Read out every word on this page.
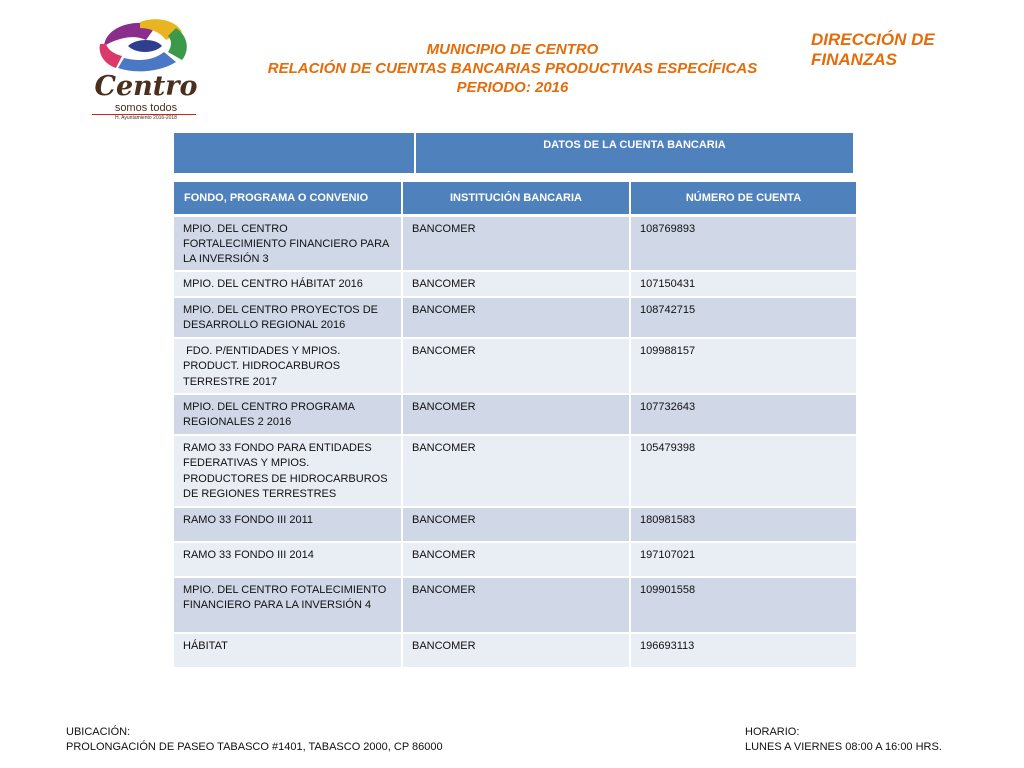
Centro
somos todos
H. Ayuntamiento 2016-2018
MUNICIPIO DE CENTRO
RELACIÓN DE CUENTAS BANCARIAS PRODUCTIVAS ESPECÍFICAS
PERIODO: 2016
DIRECCIÓN DE
FINANZAS
DATOS DE LA CUENTA BANCARIA
FONDO, PROGRAMA O CONVENIO	INSTITUCIÓN BANCARIA	NÚMERO DE CUENTA
MPIO. DEL CENTRO FORTALECIMIENTO FINANCIERO PARA LA INVERSIÓN 3	BANCOMER	108769893
MPIO. DEL CENTRO HÁBITAT 2016	BANCOMER	107150431
MPIO. DEL CENTRO PROYECTOS DE DESARROLLO REGIONAL 2016	BANCOMER	108742715
FDO. P/ENTIDADES Y MPIOS. PRODUCT. HIDROCARBUROS TERRESTRE 2017	BANCOMER	109988157
MPIO. DEL CENTRO PROGRAMA REGIONALES 2 2016	BANCOMER	107732643
RAMO 33 FONDO PARA ENTIDADES FEDERATIVAS Y MPIOS. PRODUCTORES DE HIDROCARBUROS DE REGIONES TERRESTRES	BANCOMER	105479398
RAMO 33 FONDO III 2011	BANCOMER	180981583
RAMO 33 FONDO III 2014	BANCOMER	197107021
MPIO. DEL CENTRO FOTALECIMIENTO FINANCIERO PARA LA INVERSIÓN 4	BANCOMER	109901558
HÁBITAT	BANCOMER	196693113
UBICACIÓN:
PROLONGACIÓN DE PASEO TABASCO #1401, TABASCO 2000, CP 86000
HORARIO:
LUNES A VIERNES 08:00 A 16:00 HRS.
